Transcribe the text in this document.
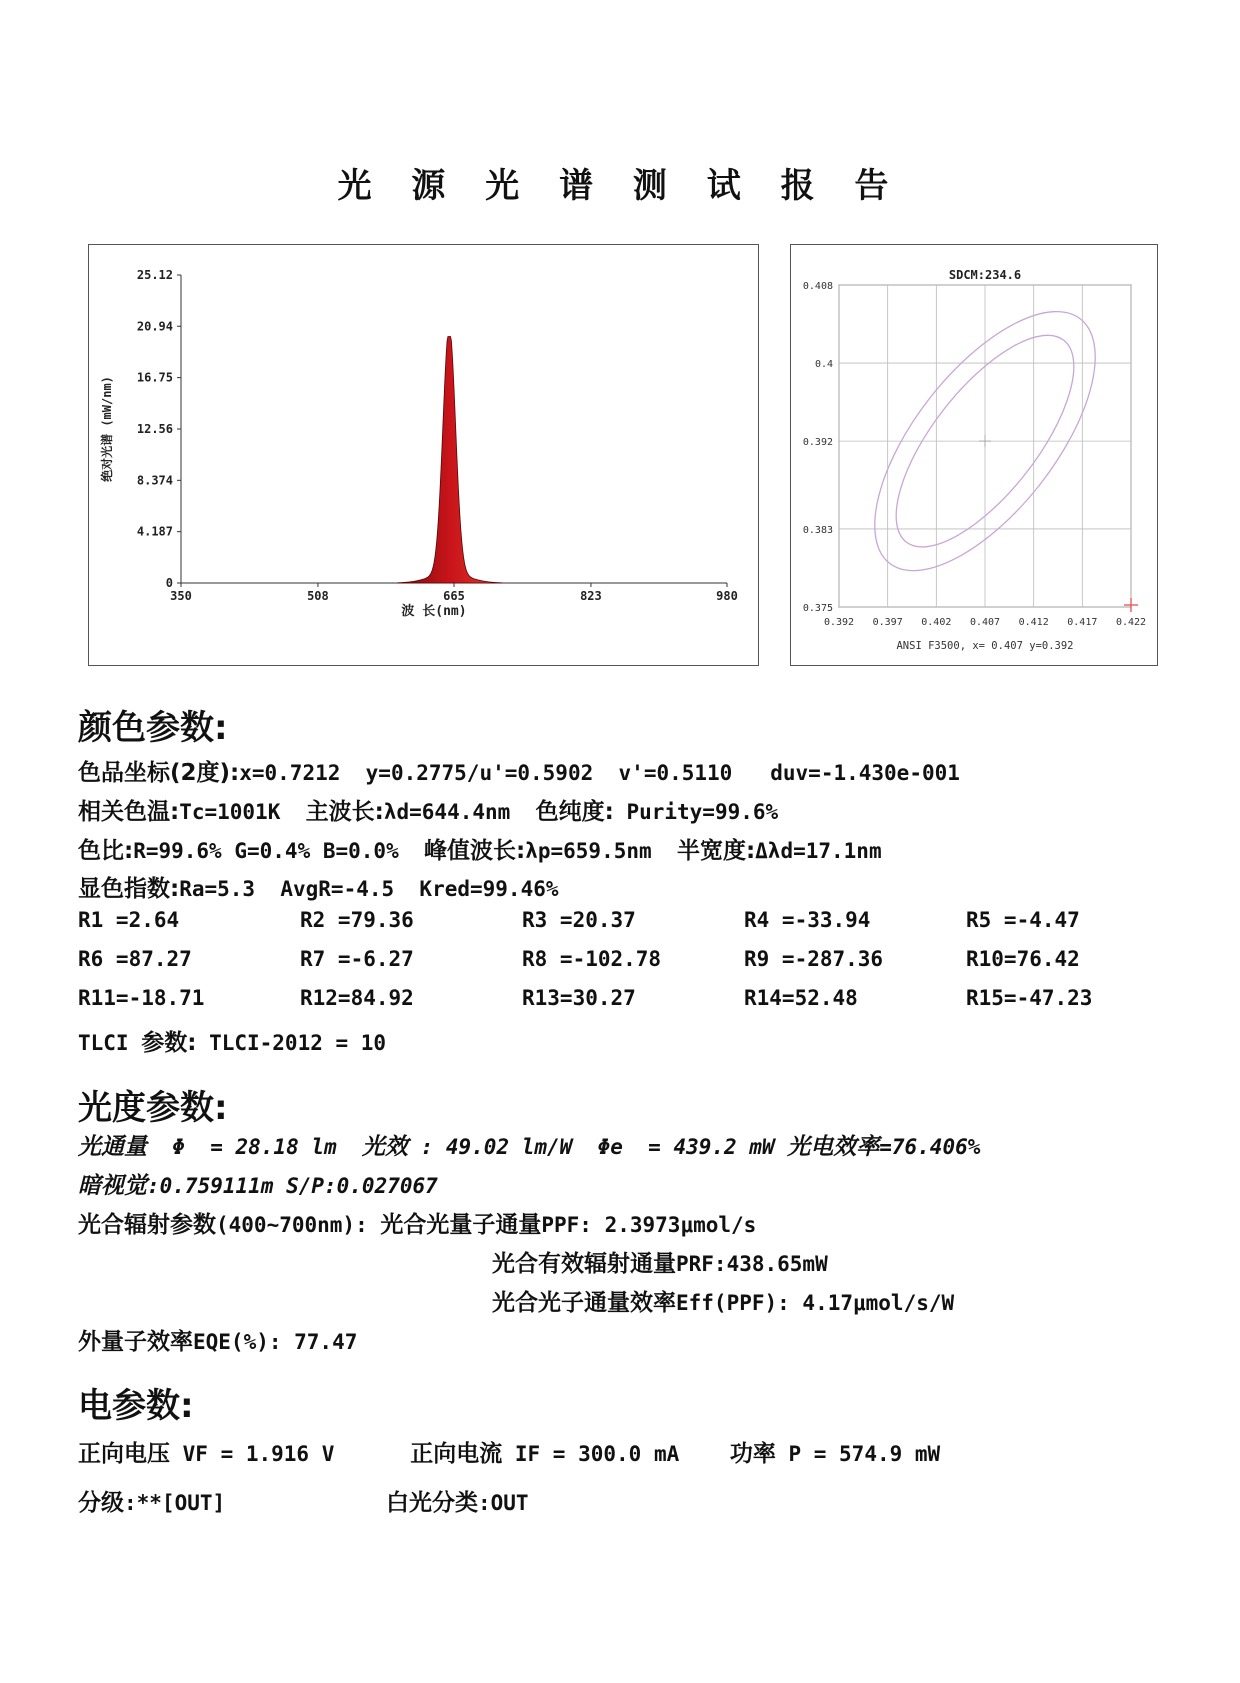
光 源 光 谱 测 试 报 告
0
4.187
8.374
12.56
16.75
20.94
25.12
350	508	665	823	980
波 长(nm)
绝对光谱 (mW/nm)
SDCM:234.6
0.392 0.397 0.402 0.407 0.412 0.417 0.422
0.408
0.4
0.392
0.383
0.375
ANSI F3500, x= 0.407 y=0.392
颜色参数:
色品坐标(2度):x=0.7212  y=0.2775/u'=0.5902  v'=0.5110   duv=-1.430e-001
相关色温:Tc=1001K 主波长:λd=644.4nm 色纯度: Purity=99.6%
色比:R=99.6% G=0.4% B=0.0% 峰值波长:λp=659.5nm 半宽度:Δλd=17.1nm
显色指数:Ra=5.3  AvgR=-4.5  Kred=99.46%
R1 =2.64	R2 =79.36	R3 =20.37	R4 =-33.94	R5 =-4.47
R6 =87.27	R7 =-6.27	R8 =-102.78	R9 =-287.36	R10=76.42
R11=-18.71	R12=84.92	R13=30.27	R14=52.48	R15=-47.23
TLCI 参数: TLCI-2012 = 10
光度参数:
光通量  Φ  = 28.18 lm  光效 : 49.02 lm/W  Φe  = 439.2 mW 光电效率=76.406%
暗视觉:0.759111m S/P:0.027067
光合辐射参数(400~700nm): 光合光量子通量PPF: 2.3973μmol/s
光合有效辐射通量PRF:438.65mW
光合光子通量效率Eff(PPF): 4.17μmol/s/W
外量子效率EQE(%): 77.47
电参数:
正向电压 VF = 1.916 V	正向电流 IF = 300.0 mA 功率 P = 574.9 mW
分级:**[OUT]	白光分类:OUT
